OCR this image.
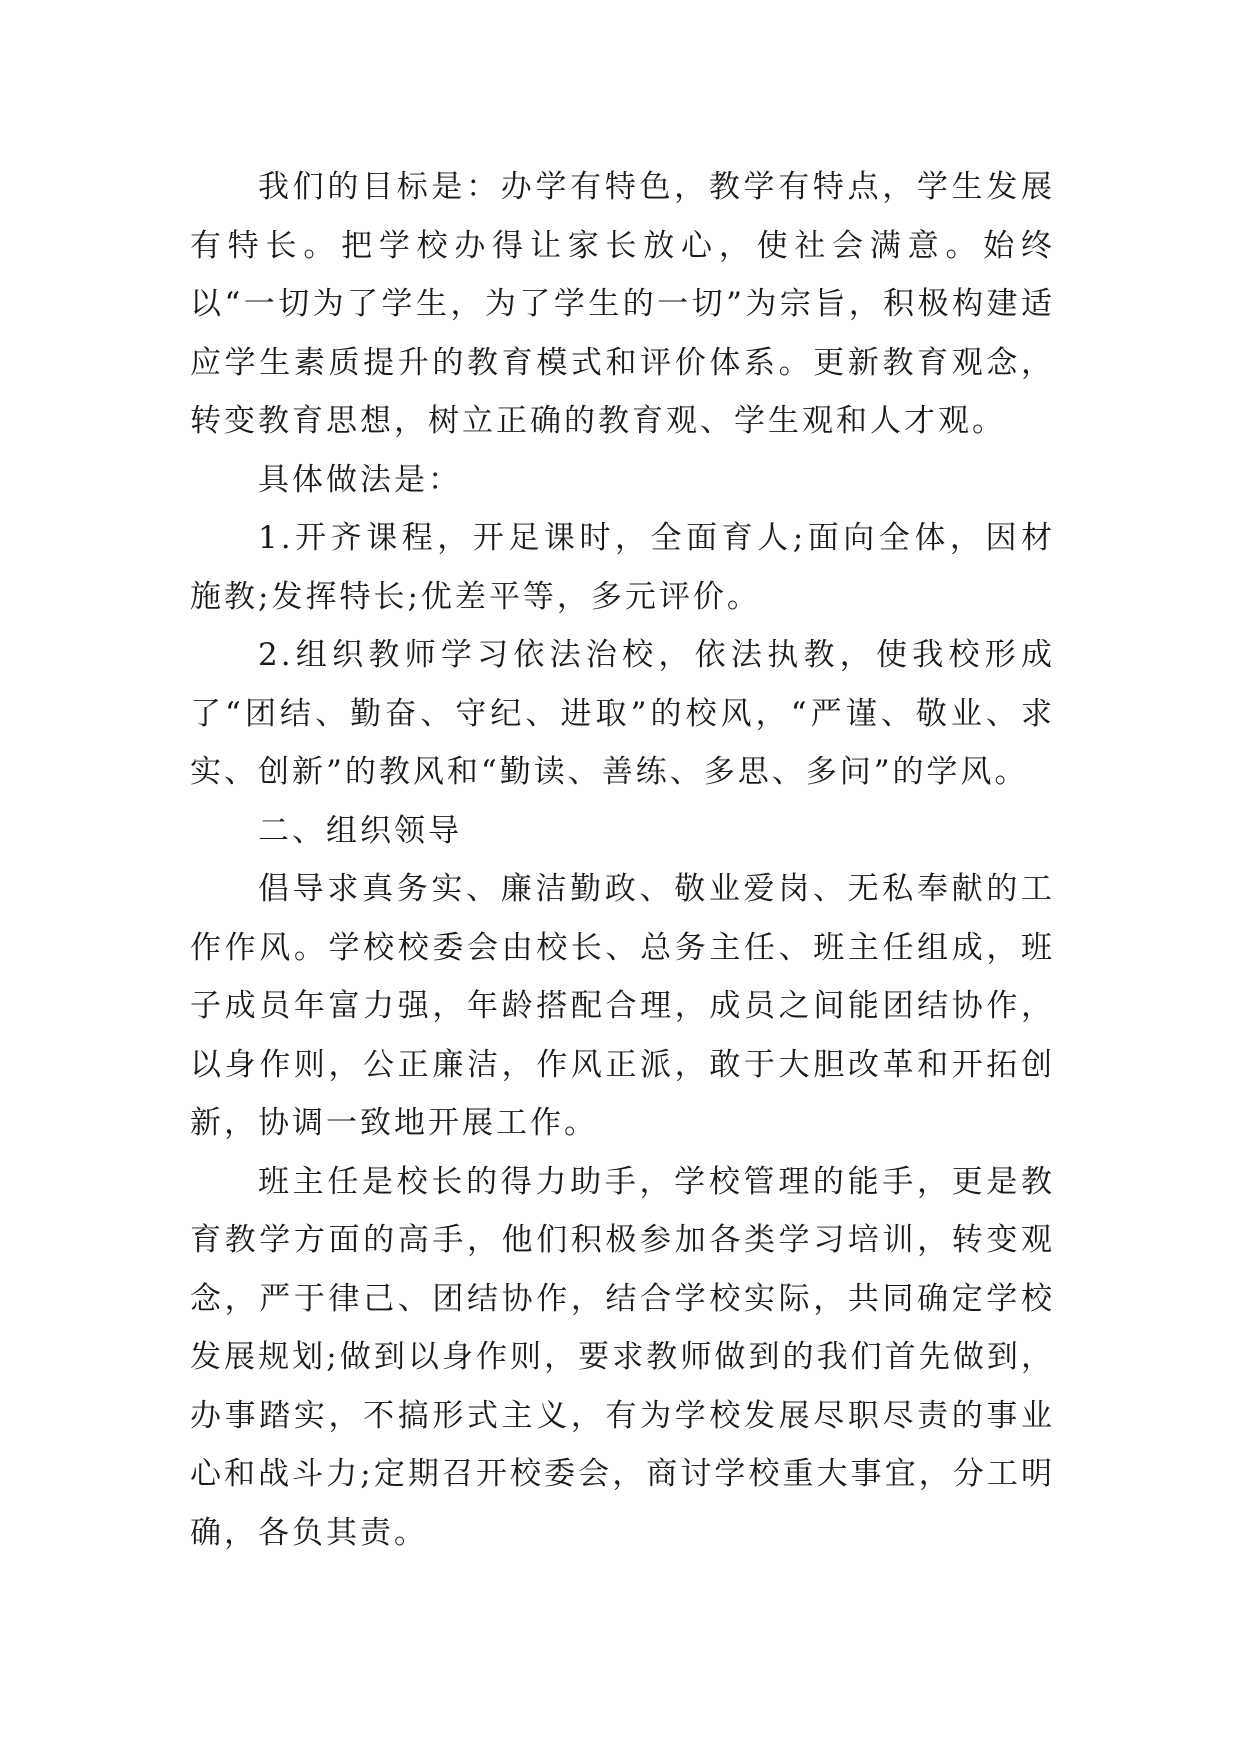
我们的目标是：办学有特色，教学有特点，学生发展有特长。把学校办得让家长放心，使社会满意。始终以“一切为了学生，为了学生的一切”为宗旨，积极构建适应学生素质提升的教育模式和评价体系。更新教育观念，转变教育思想，树立正确的教育观、学生观和人才观。

具体做法是：

1.开齐课程，开足课时，全面育人;面向全体，因材施教;发挥特长;优差平等，多元评价。

2.组织教师学习依法治校，依法执教，使我校形成了“团结、勤奋、守纪、进取”的校风，“严谨、敬业、求实、创新”的教风和“勤读、善练、多思、多问”的学风。

二、组织领导

倡导求真务实、廉洁勤政、敬业爱岗、无私奉献的工作作风。学校校委会由校长、总务主任、班主任组成，班子成员年富力强，年龄搭配合理，成员之间能团结协作，以身作则，公正廉洁，作风正派，敢于大胆改革和开拓创新，协调一致地开展工作。

班主任是校长的得力助手，学校管理的能手，更是教育教学方面的高手，他们积极参加各类学习培训，转变观念，严于律己、团结协作，结合学校实际，共同确定学校发展规划;做到以身作则，要求教师做到的我们首先做到，办事踏实，不搞形式主义，有为学校发展尽职尽责的事业心和战斗力;定期召开校委会，商讨学校重大事宜，分工明确，各负其责。
